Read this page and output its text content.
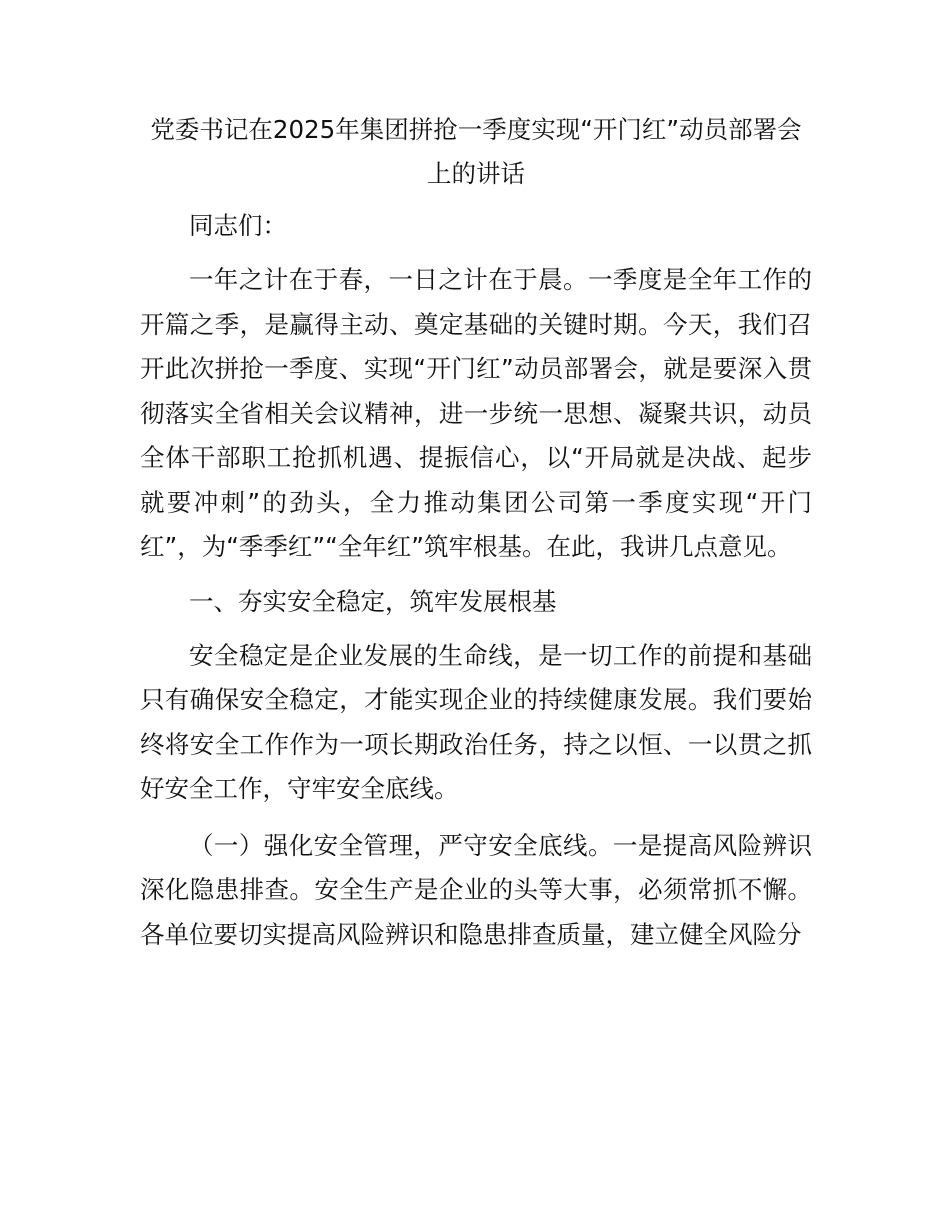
党委书记在2025年集团拼抢一季度实现“开门红”动员部署会上的讲话

同志们：

一年之计在于春，一日之计在于晨。一季度是全年工作的开篇之季，是赢得主动、奠定基础的关键时期。今天，我们召开此次拼抢一季度、实现“开门红”动员部署会，就是要深入贯彻落实全省相关会议精神，进一步统一思想、凝聚共识，动员全体干部职工抢抓机遇、提振信心，以“开局就是决战、起步就要冲刺”的劲头，全力推动集团公司第一季度实现“开门红”，为“季季红”“全年红”筑牢根基。在此，我讲几点意见。

一、夯实安全稳定，筑牢发展根基

安全稳定是企业发展的生命线，是一切工作的前提和基础只有确保安全稳定，才能实现企业的持续健康发展。我们要始终将安全工作作为一项长期政治任务，持之以恒、一以贯之抓好安全工作，守牢安全底线。

（一）强化安全管理，严守安全底线。一是提高风险辨识深化隐患排查。安全生产是企业的头等大事，必须常抓不懈。各单位要切实提高风险辨识和隐患排查质量，建立健全风险分
